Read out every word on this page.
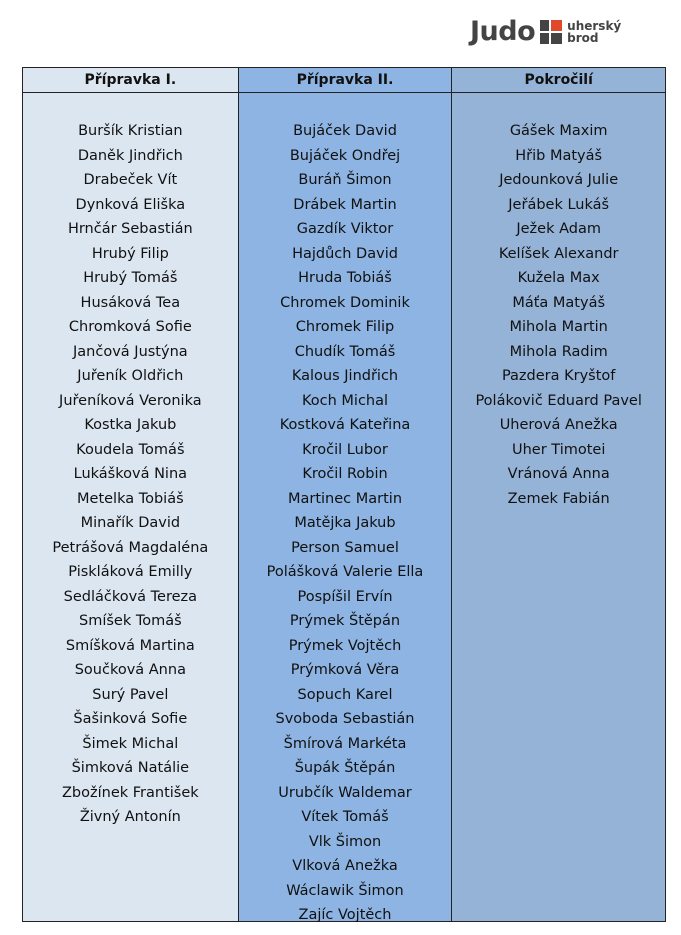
Judo	uherský
brod
Přípravka I.
Buršík Kristian
Daněk Jindřich
Drabeček Vít
Dynková Eliška
Hrnčár Sebastián
Hrubý Filip
Hrubý Tomáš
Husáková Tea
Chromková Sofie
Jančová Justýna
Juřeník Oldřich
Juřeníková Veronika
Kostka Jakub
Koudela Tomáš
Lukášková Nina
Metelka Tobiáš
Minařík David
Petrášová Magdaléna
Piskláková Emilly
Sedláčková Tereza
Smíšek Tomáš
Smíšková Martina
Součková Anna
Surý Pavel
Šašinková Sofie
Šimek Michal
Šimková Natálie
Zbožínek František
Živný Antonín
Přípravka II.
Bujáček David
Bujáček Ondřej
Buráň Šimon
Drábek Martin
Gazdík Viktor
Hajdůch David
Hruda Tobiáš
Chromek Dominik
Chromek Filip
Chudík Tomáš
Kalous Jindřich
Koch Michal
Kostková Kateřina
Kročil Lubor
Kročil Robin
Martinec Martin
Matějka Jakub
Person Samuel
Polášková Valerie Ella
Pospíšil Ervín
Prýmek Štěpán
Prýmek Vojtěch
Prýmková Věra
Sopuch Karel
Svoboda Sebastián
Šmírová Markéta
Šupák Štěpán
Urubčík Waldemar
Vítek Tomáš
Vlk Šimon
Vlková Anežka
Wáclawik Šimon
Zajíc Vojtěch
Pokročilí
Gášek Maxim
Hřib Matyáš
Jedounková Julie
Jeřábek Lukáš
Ježek Adam
Kelíšek Alexandr
Kužela Max
Máťa Matyáš
Mihola Martin
Mihola Radim
Pazdera Kryštof
Polákovič Eduard Pavel
Uherová Anežka
Uher Timotei
Vránová Anna
Zemek Fabián
